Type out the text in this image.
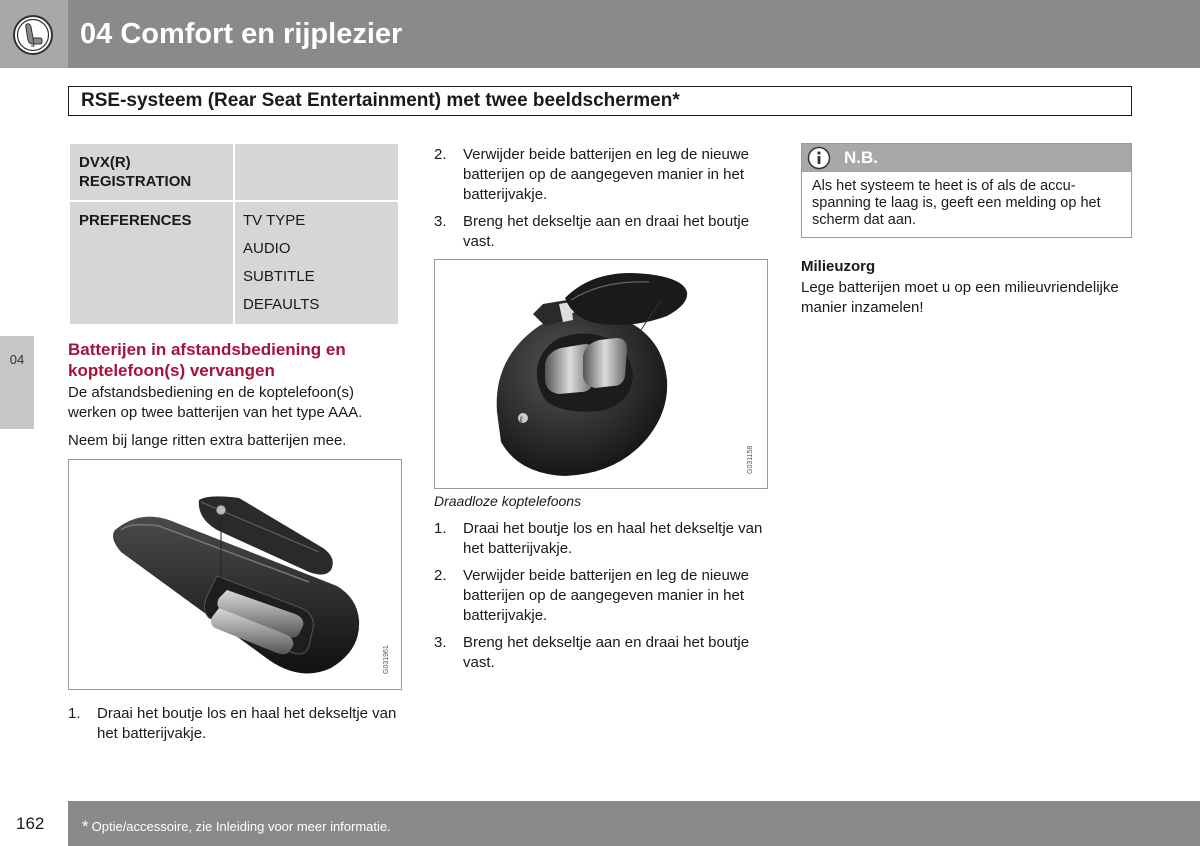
04 Comfort en rijplezier
RSE-systeem (Rear Seat Entertainment) met twee beeldschermen*
04
DVX(R) REGISTRATION	
PREFERENCES	TV TYPE
AUDIO
SUBTITLE
DEFAULTS
Batterijen in afstandsbediening en koptelefoon(s) vervangen
De afstandsbediening en de koptelefoon(s) werken op twee batterijen van het type AAA.
Neem bij lange ritten extra batterijen mee.
G031961
1. Draai het boutje los en haal het dekseltje van het batterijvakje.
2. Verwijder beide batterijen en leg de nieuwe batterijen op de aangegeven manier in het batterijvakje.
3. Breng het dekseltje aan en draai het boutje vast.
ℓ
G031158
Draadloze koptelefoons
1. Draai het boutje los en haal het dekseltje van het batterijvakje.
2. Verwijder beide batterijen en leg de nieuwe batterijen op de aangegeven manier in het batterijvakje.
3. Breng het dekseltje aan en draai het boutje vast.
N.B.
Als het systeem te heet is of als de accuspanning te laag is, geeft een melding op het scherm dat aan.
Milieuzorg
Lege batterijen moet u op een milieuvriendelijke manier inzamelen!
* Optie/accessoire, zie Inleiding voor meer informatie.
162
